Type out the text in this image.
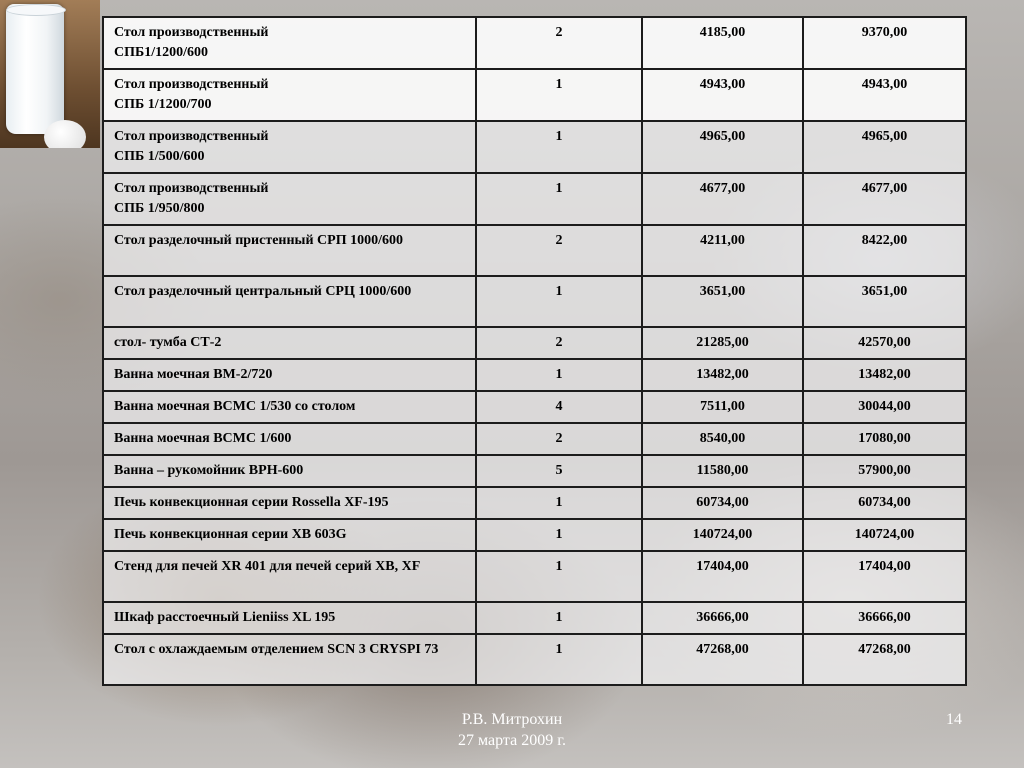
Стол производственный
СПБ1/1200/600	2	4185,00	9370,00
Стол производственный
СПБ 1/1200/700	1	4943,00	4943,00
Стол производственный
СПБ 1/500/600	1	4965,00	4965,00
Стол производственный
СПБ 1/950/800	1	4677,00	4677,00
Стол разделочный пристенный СРП 1000/600	2	4211,00	8422,00
Стол разделочный центральный СРЦ 1000/600	1	3651,00	3651,00
стол- тумба СТ-2	2	21285,00	42570,00
Ванна моечная ВМ-2/720	1	13482,00	13482,00
Ванна моечная ВСМС 1/530 со столом	4	7511,00	30044,00
Ванна моечная ВСМС 1/600	2	8540,00	17080,00
Ванна – рукомойник ВРН-600	5	11580,00	57900,00
Печь конвекционная серии Rossella XF-195	1	60734,00	60734,00
Печь конвекционная серии ХВ 603G	1	140724,00	140724,00
Стенд для печей XR 401 для печей серий ХВ, XF	1	17404,00	17404,00
Шкаф расстоечный Lieniiss XL 195	1	36666,00	36666,00
Стол с охлаждаемым отделением SCN 3 CRYSPI 73	1	47268,00	47268,00
Р.В. Митрохин
27 марта 2009 г.
14
